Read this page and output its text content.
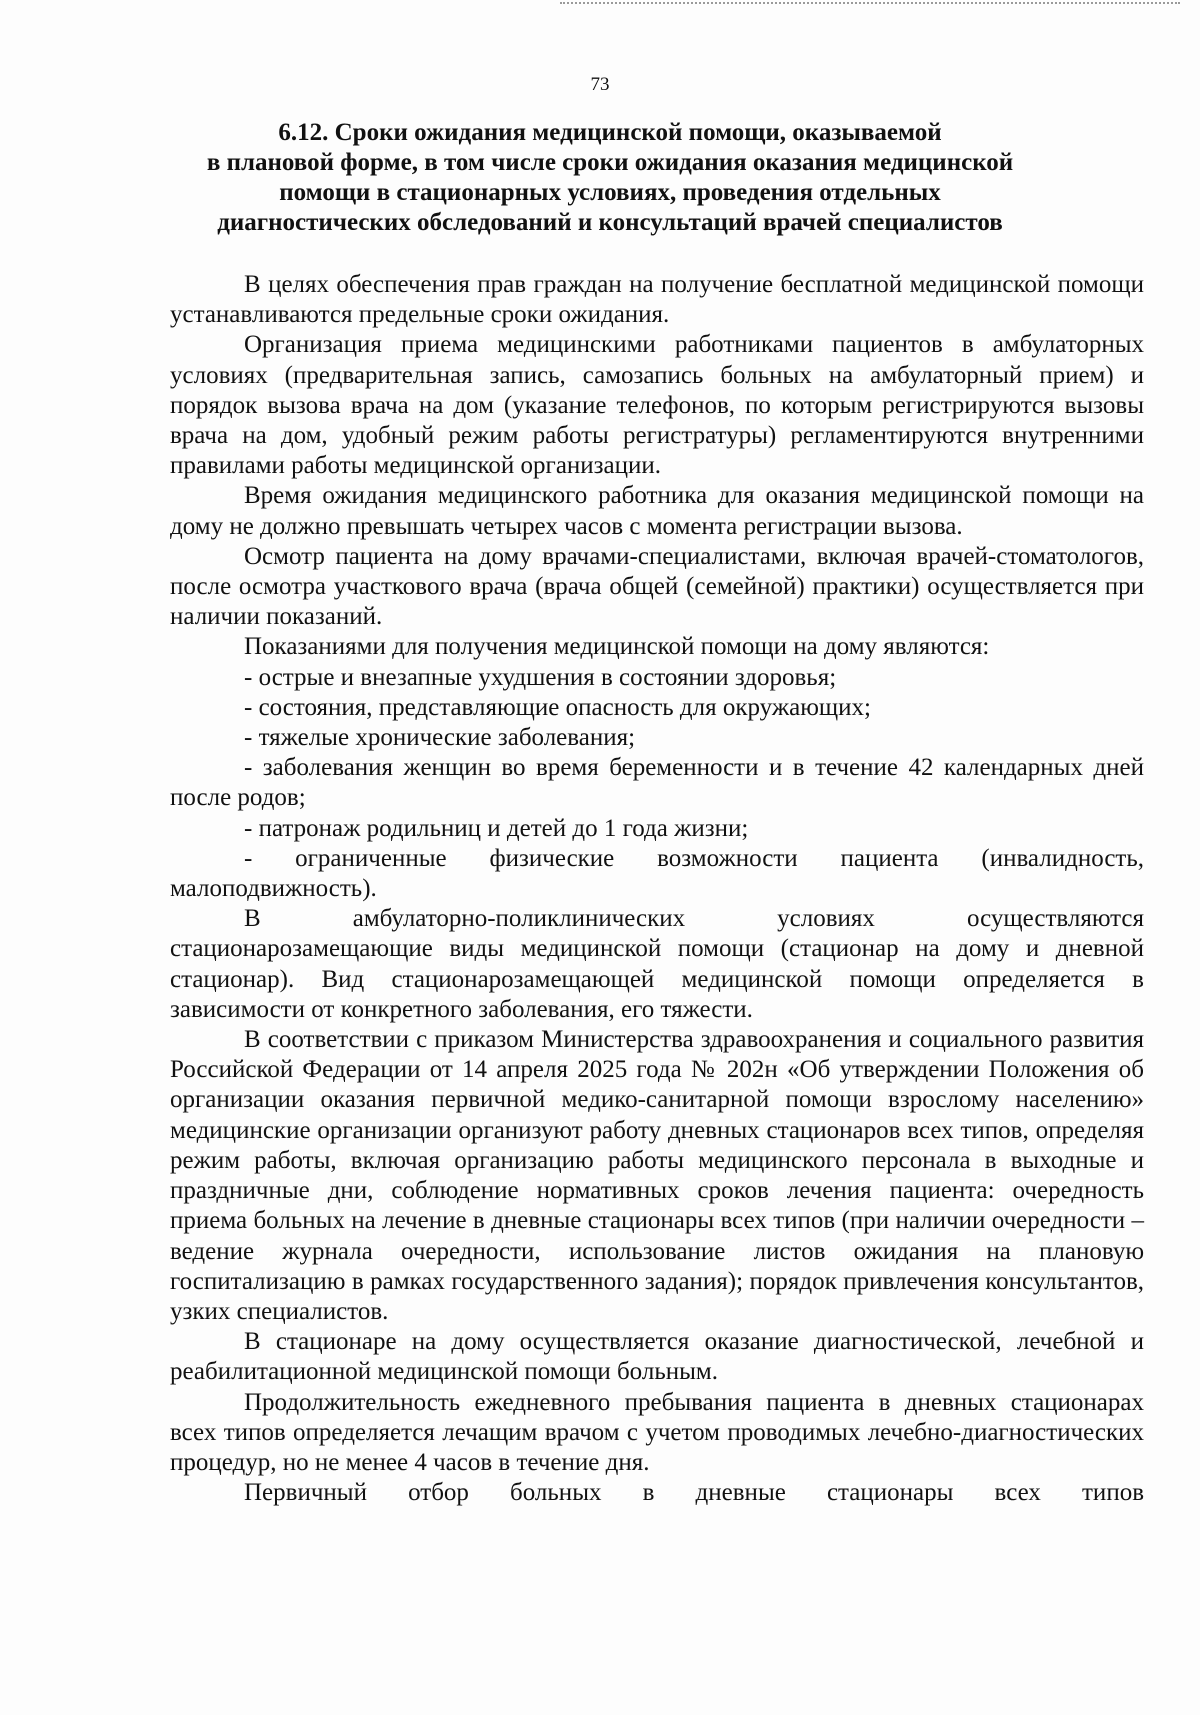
73
6.12. Сроки ожидания медицинской помощи, оказываемой
в плановой форме, в том числе сроки ожидания оказания медицинской
помощи в стационарных условиях, проведения отдельных
диагностических обследований и консультаций врачей специалистов

В целях обеспечения прав граждан на получение бесплатной медицинской помощи устанавливаются предельные сроки ожидания.

Организация приема медицинскими работниками пациентов в амбулаторных условиях (предварительная запись, самозапись больных на амбулаторный прием) и порядок вызова врача на дом (указание телефонов, по которым регистрируются вызовы врача на дом, удобный режим работы регистратуры) регламентируются внутренними правилами работы медицинской организации.

Время ожидания медицинского работника для оказания медицинской помощи на дому не должно превышать четырех часов с момента регистрации вызова.

Осмотр пациента на дому врачами-специалистами, включая врачей-стоматологов, после осмотра участкового врача (врача общей (семейной) практики) осуществляется при наличии показаний.

Показаниями для получения медицинской помощи на дому являются:

- острые и внезапные ухудшения в состоянии здоровья;

- состояния, представляющие опасность для окружающих;

- тяжелые хронические заболевания;

- заболевания женщин во время беременности и в течение 42 календарных дней после родов;

- патронаж родильниц и детей до 1 года жизни;

- ограниченные физические возможности пациента (инвалидность, малоподвижность).

В амбулаторно-поликлинических условиях осуществляются стационарозамещающие виды медицинской помощи (стационар на дому и дневной стационар). Вид стационарозамещающей медицинской помощи определяется в зависимости от конкретного заболевания, его тяжести.

В соответствии с приказом Министерства здравоохранения и социального развития Российской Федерации от 14 апреля 2025 года № 202н «Об утверждении Положения об организации оказания первичной медико-санитарной помощи взрослому населению» медицинские организации организуют работу дневных стационаров всех типов, определяя режим работы, включая организацию работы медицинского персонала в выходные и праздничные дни, соблюдение нормативных сроков лечения пациента: очередность приема больных на лечение в дневные стационары всех типов (при наличии очередности – ведение журнала очередности, использование листов ожидания на плановую госпитализацию в рамках государственного задания); порядок привлечения консультантов, узких специалистов.

В стационаре на дому осуществляется оказание диагностической, лечебной и реабилитационной медицинской помощи больным.

Продолжительность ежедневного пребывания пациента в дневных стационарах всех типов определяется лечащим врачом с учетом проводимых лечебно-диагностических процедур, но не менее 4 часов в течение дня.

Первичный отбор больных в дневные стационары всех типов
